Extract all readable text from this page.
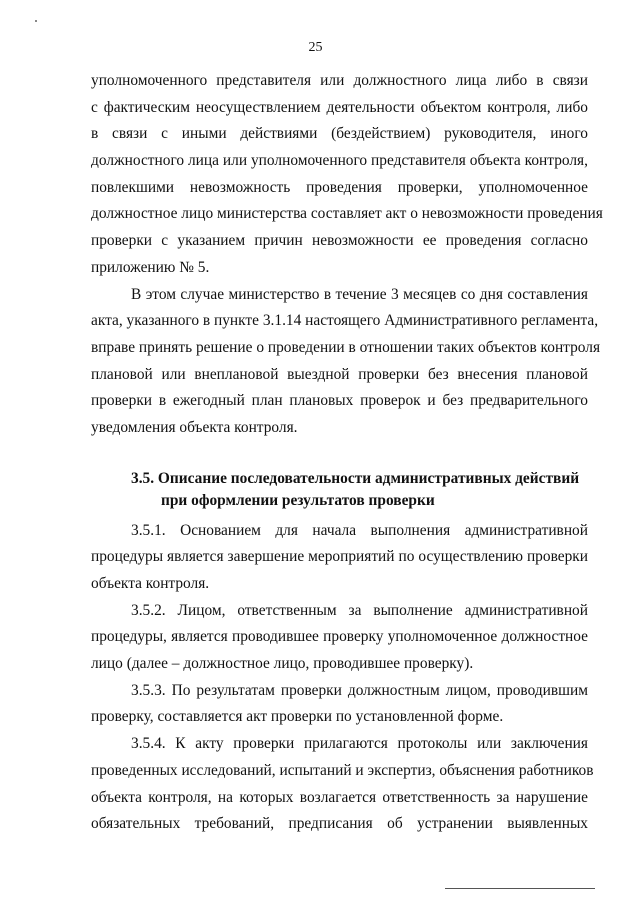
25
уполномоченного представителя или должностного лица либо в связи
с фактическим неосуществлением деятельности объектом контроля, либо
в связи с иными действиями (бездействием) руководителя, иного
должностного лица или уполномоченного представителя объекта контроля,
повлекшими невозможность проведения проверки, уполномоченное
должностное лицо министерства составляет акт о невозможности проведения
проверки с указанием причин невозможности ее проведения согласно
приложению № 5.
В этом случае министерство в течение 3 месяцев со дня составления
акта, указанного в пункте 3.1.14 настоящего Административного регламента,
вправе принять решение о проведении в отношении таких объектов контроля
плановой или внеплановой выездной проверки без внесения плановой
проверки в ежегодный план плановых проверок и без предварительного
уведомления объекта контроля.
3.5. Описание последовательности административных действий
при оформлении результатов проверки
3.5.1. Основанием для начала выполнения административной
процедуры является завершение мероприятий по осуществлению проверки
объекта контроля.
3.5.2. Лицом, ответственным за выполнение административной
процедуры, является проводившее проверку уполномоченное должностное
лицо (далее – должностное лицо, проводившее проверку).
3.5.3. По результатам проверки должностным лицом, проводившим
проверку, составляется акт проверки по установленной форме.
3.5.4. К акту проверки прилагаются протоколы или заключения
проведенных исследований, испытаний и экспертиз, объяснения работников
объекта контроля, на которых возлагается ответственность за нарушение
обязательных требований, предписания об устранении выявленных
